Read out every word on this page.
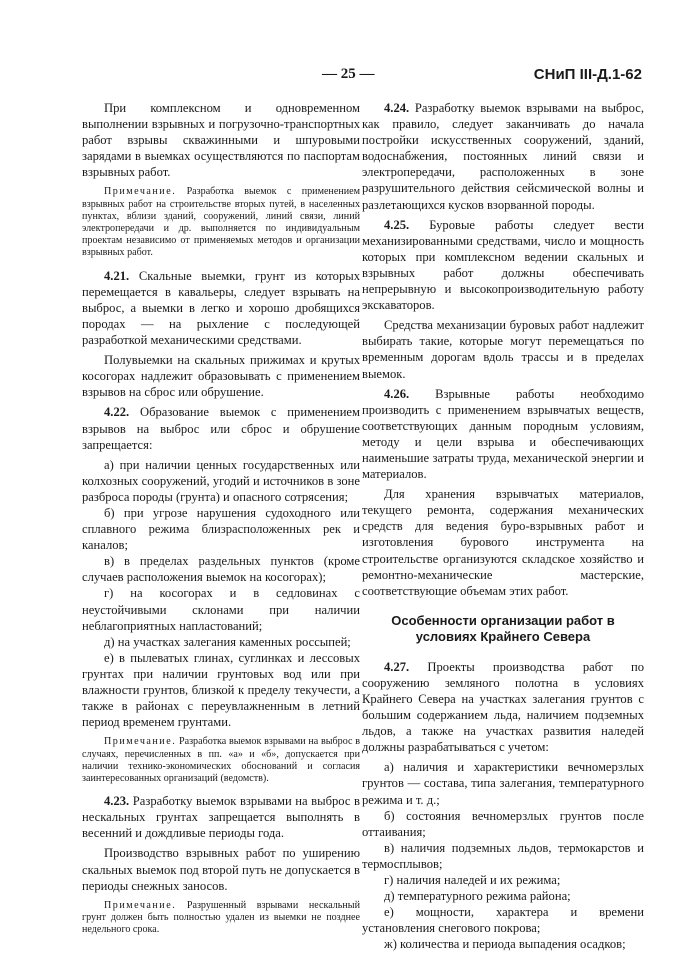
— 25 —	СНиП III-Д.1-62

При комплексном и одновременном выполнении взрывных и погрузочно-транспортных работ взрывы скважинными и шпуровыми зарядами в выемках осуществляются по паспортам взрывных работ.

Примечание. Разработка выемок с применением взрывных работ на строительстве вторых путей, в населенных пунктах, вблизи зданий, сооружений, линий связи, линий электропередачи и др. выполняется по индивидуальным проектам независимо от применяемых методов и организации взрывных работ.

4.21. Скальные выемки, грунт из которых перемещается в кавальеры, следует взрывать на выброс, а выемки в легко и хорошо дробящихся породах — на рыхление с последующей разработкой механическими средствами.

Полувыемки на скальных прижимах и крутых косогорах надлежит образовывать с применением взрывов на сброс или обрушение.

4.22. Образование выемок с применением взрывов на выброс или сброс и обрушение запрещается:

а) при наличии ценных государственных или колхозных сооружений, угодий и источников в зоне разброса породы (грунта) и опасного сотрясения;

б) при угрозе нарушения судоходного или сплавного режима близрасположенных рек и каналов;

в) в пределах раздельных пунктов (кроме случаев расположения выемок на косогорах);

г) на косогорах и в седловинах с неустойчивыми склонами при наличии неблагоприятных напластований;

д) на участках залегания каменных россыпей;

е) в пылеватых глинах, суглинках и лессовых грунтах при наличии грунтовых вод или при влажности грунтов, близкой к пределу текучести, а также в районах с переувлажненным в летний период временем грунтами.

Примечание. Разработка выемок взрывами на выброс в случаях, перечисленных в пп. «а» и «б», допускается при наличии технико-экономических обоснований и согласия заинтересованных организаций (ведомств).

4.23. Разработку выемок взрывами на выброс в нескальных грунтах запрещается выполнять в весенний и дождливые периоды года.

Производство взрывных работ по уширению скальных выемок под второй путь не допускается в периоды снежных заносов.

Примечание. Разрушенный взрывами нескальный грунт должен быть полностью удален из выемки не позднее недельного срока.

4.24. Разработку выемок взрывами на выброс, как правило, следует заканчивать до начала постройки искусственных сооружений, зданий, водоснабжения, постоянных линий связи и электропередачи, расположенных в зоне разрушительного действия сейсмической волны и разлетающихся кусков взорванной породы.

4.25. Буровые работы следует вести механизированными средствами, число и мощность которых при комплексном ведении скальных и взрывных работ должны обеспечивать непрерывную и высокопроизводительную работу экскаваторов.

Средства механизации буровых работ надлежит выбирать такие, которые могут перемещаться по временным дорогам вдоль трассы и в пределах выемок.

4.26. Взрывные работы необходимо производить с применением взрывчатых веществ, соответствующих данным породным условиям, методу и цели взрыва и обеспечивающих наименьшие затраты труда, механической энергии и материалов.

Для хранения взрывчатых материалов, текущего ремонта, содержания механических средств для ведения буро-взрывных работ и изготовления бурового инструмента на строительстве организуются складское хозяйство и ремонтно-механические мастерские, соответствующие объемам этих работ.

Особенности организации работ в условиях Крайнего Севера

4.27. Проекты производства работ по сооружению земляного полотна в условиях Крайнего Севера на участках залегания грунтов с большим содержанием льда, наличием подземных льдов, а также на участках развития наледей должны разрабатываться с учетом:

а) наличия и характеристики вечномерзлых грунтов — состава, типа залегания, температурного режима и т. д.;

б) состояния вечномерзлых грунтов после оттаивания;

в) наличия подземных льдов, термокарстов и термосплывов;

г) наличия наледей и их режима;

д) температурного режима района;

е) мощности, характера и времени установления снегового покрова;

ж) количества и периода выпадения осадков;
